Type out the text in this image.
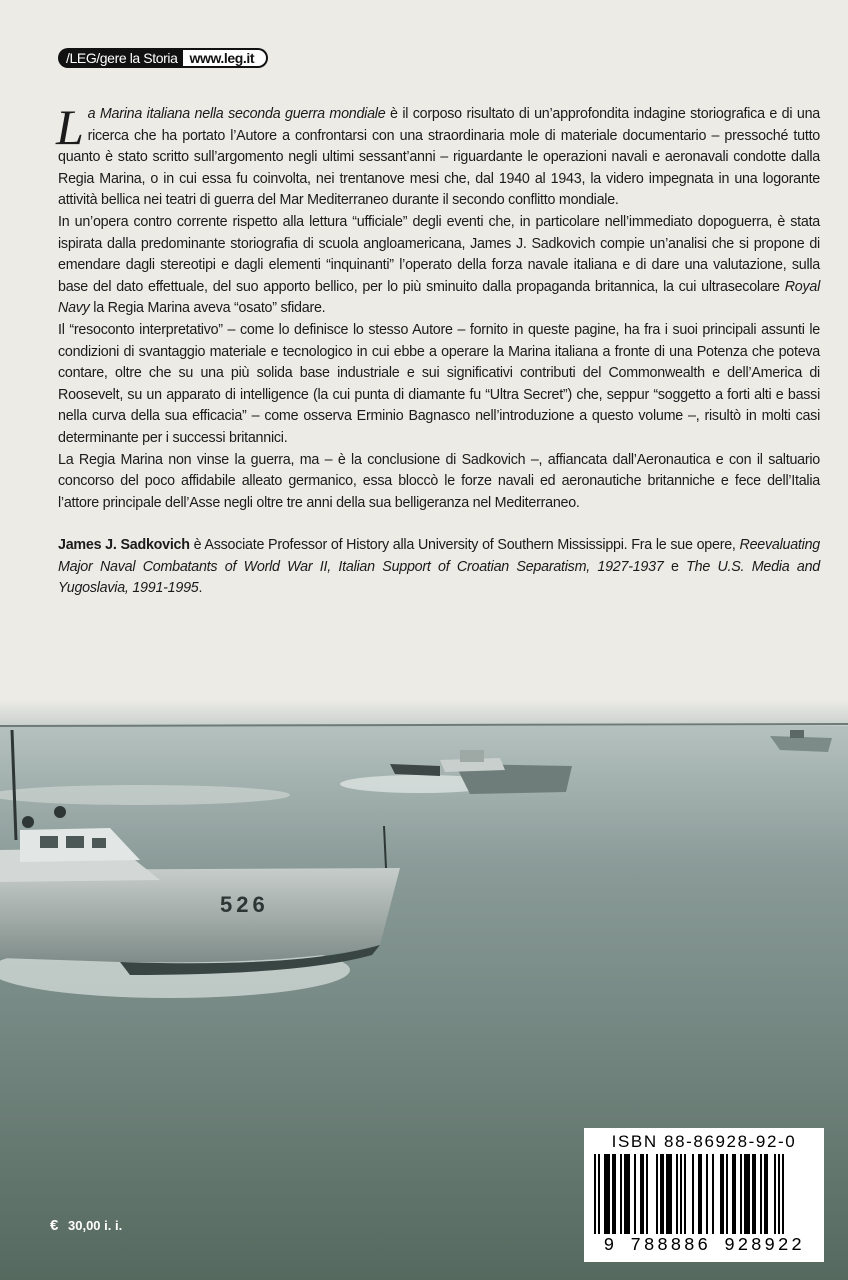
/LEG/gere la Storia www.leg.it

La Marina italiana nella seconda guerra mondiale è il corposo risultato di un’approfondita indagine storiografica e di una ricerca che ha portato l’Autore a confrontarsi con una straordinaria mole di materiale documentario – pressoché tutto quanto è stato scritto sull’argomento negli ultimi sessant’anni – riguardante le operazioni navali e aeronavali condotte dalla Regia Marina, o in cui essa fu coinvolta, nei trentanove mesi che, dal 1940 al 1943, la videro impegnata in una logorante attività bellica nei teatri di guerra del Mar Mediterraneo durante il secondo conflitto mondiale.

In un’opera contro corrente rispetto alla lettura “ufficiale” degli eventi che, in particolare nell’immediato dopoguerra, è stata ispirata dalla predominante storiografia di scuola angloamericana, James J. Sadkovich compie un’analisi che si propone di emendare dagli stereotipi e dagli elementi “inquinanti” l’operato della forza navale italiana e di dare una valutazione, sulla base del dato effettuale, del suo apporto bellico, per lo più sminuito dalla propaganda britannica, la cui ultrasecolare Royal Navy la Regia Marina aveva “osato” sfidare.

Il “resoconto interpretativo” – come lo definisce lo stesso Autore – fornito in queste pagine, ha fra i suoi principali assunti le condizioni di svantaggio materiale e tecnologico in cui ebbe a operare la Marina italiana a fronte di una Potenza che poteva contare, oltre che su una più solida base industriale e sui significativi contributi del Commonwealth e dell’America di Roosevelt, su un apparato di intelligence (la cui punta di diamante fu “Ultra Secret”) che, seppur “soggetto a forti alti e bassi nella curva della sua efficacia” – come osserva Erminio Bagnasco nell’introduzione a questo volume –, risultò in molti casi determinante per i successi britannici.

La Regia Marina non vinse la guerra, ma – è la conclusione di Sadkovich –, affiancata dall’Aeronautica e con il saltuario concorso del poco affidabile alleato germanico, essa bloccò le forze navali ed aeronautiche britanniche e fece dell’Italia l’attore principale dell’Asse negli oltre tre anni della sua belligeranza nel Mediterraneo.

James J. Sadkovich è Associate Professor of History alla University of Southern Mississippi. Fra le sue opere, Reevaluating Major Naval Combatants of World War II, Italian Support of Croatian Separatism, 1927-1937 e The U.S. Media and Yugoslavia, 1991-1995.

526
€ 30,00 i. i.
ISBN 88-86928-92-0
9 788886 928922
